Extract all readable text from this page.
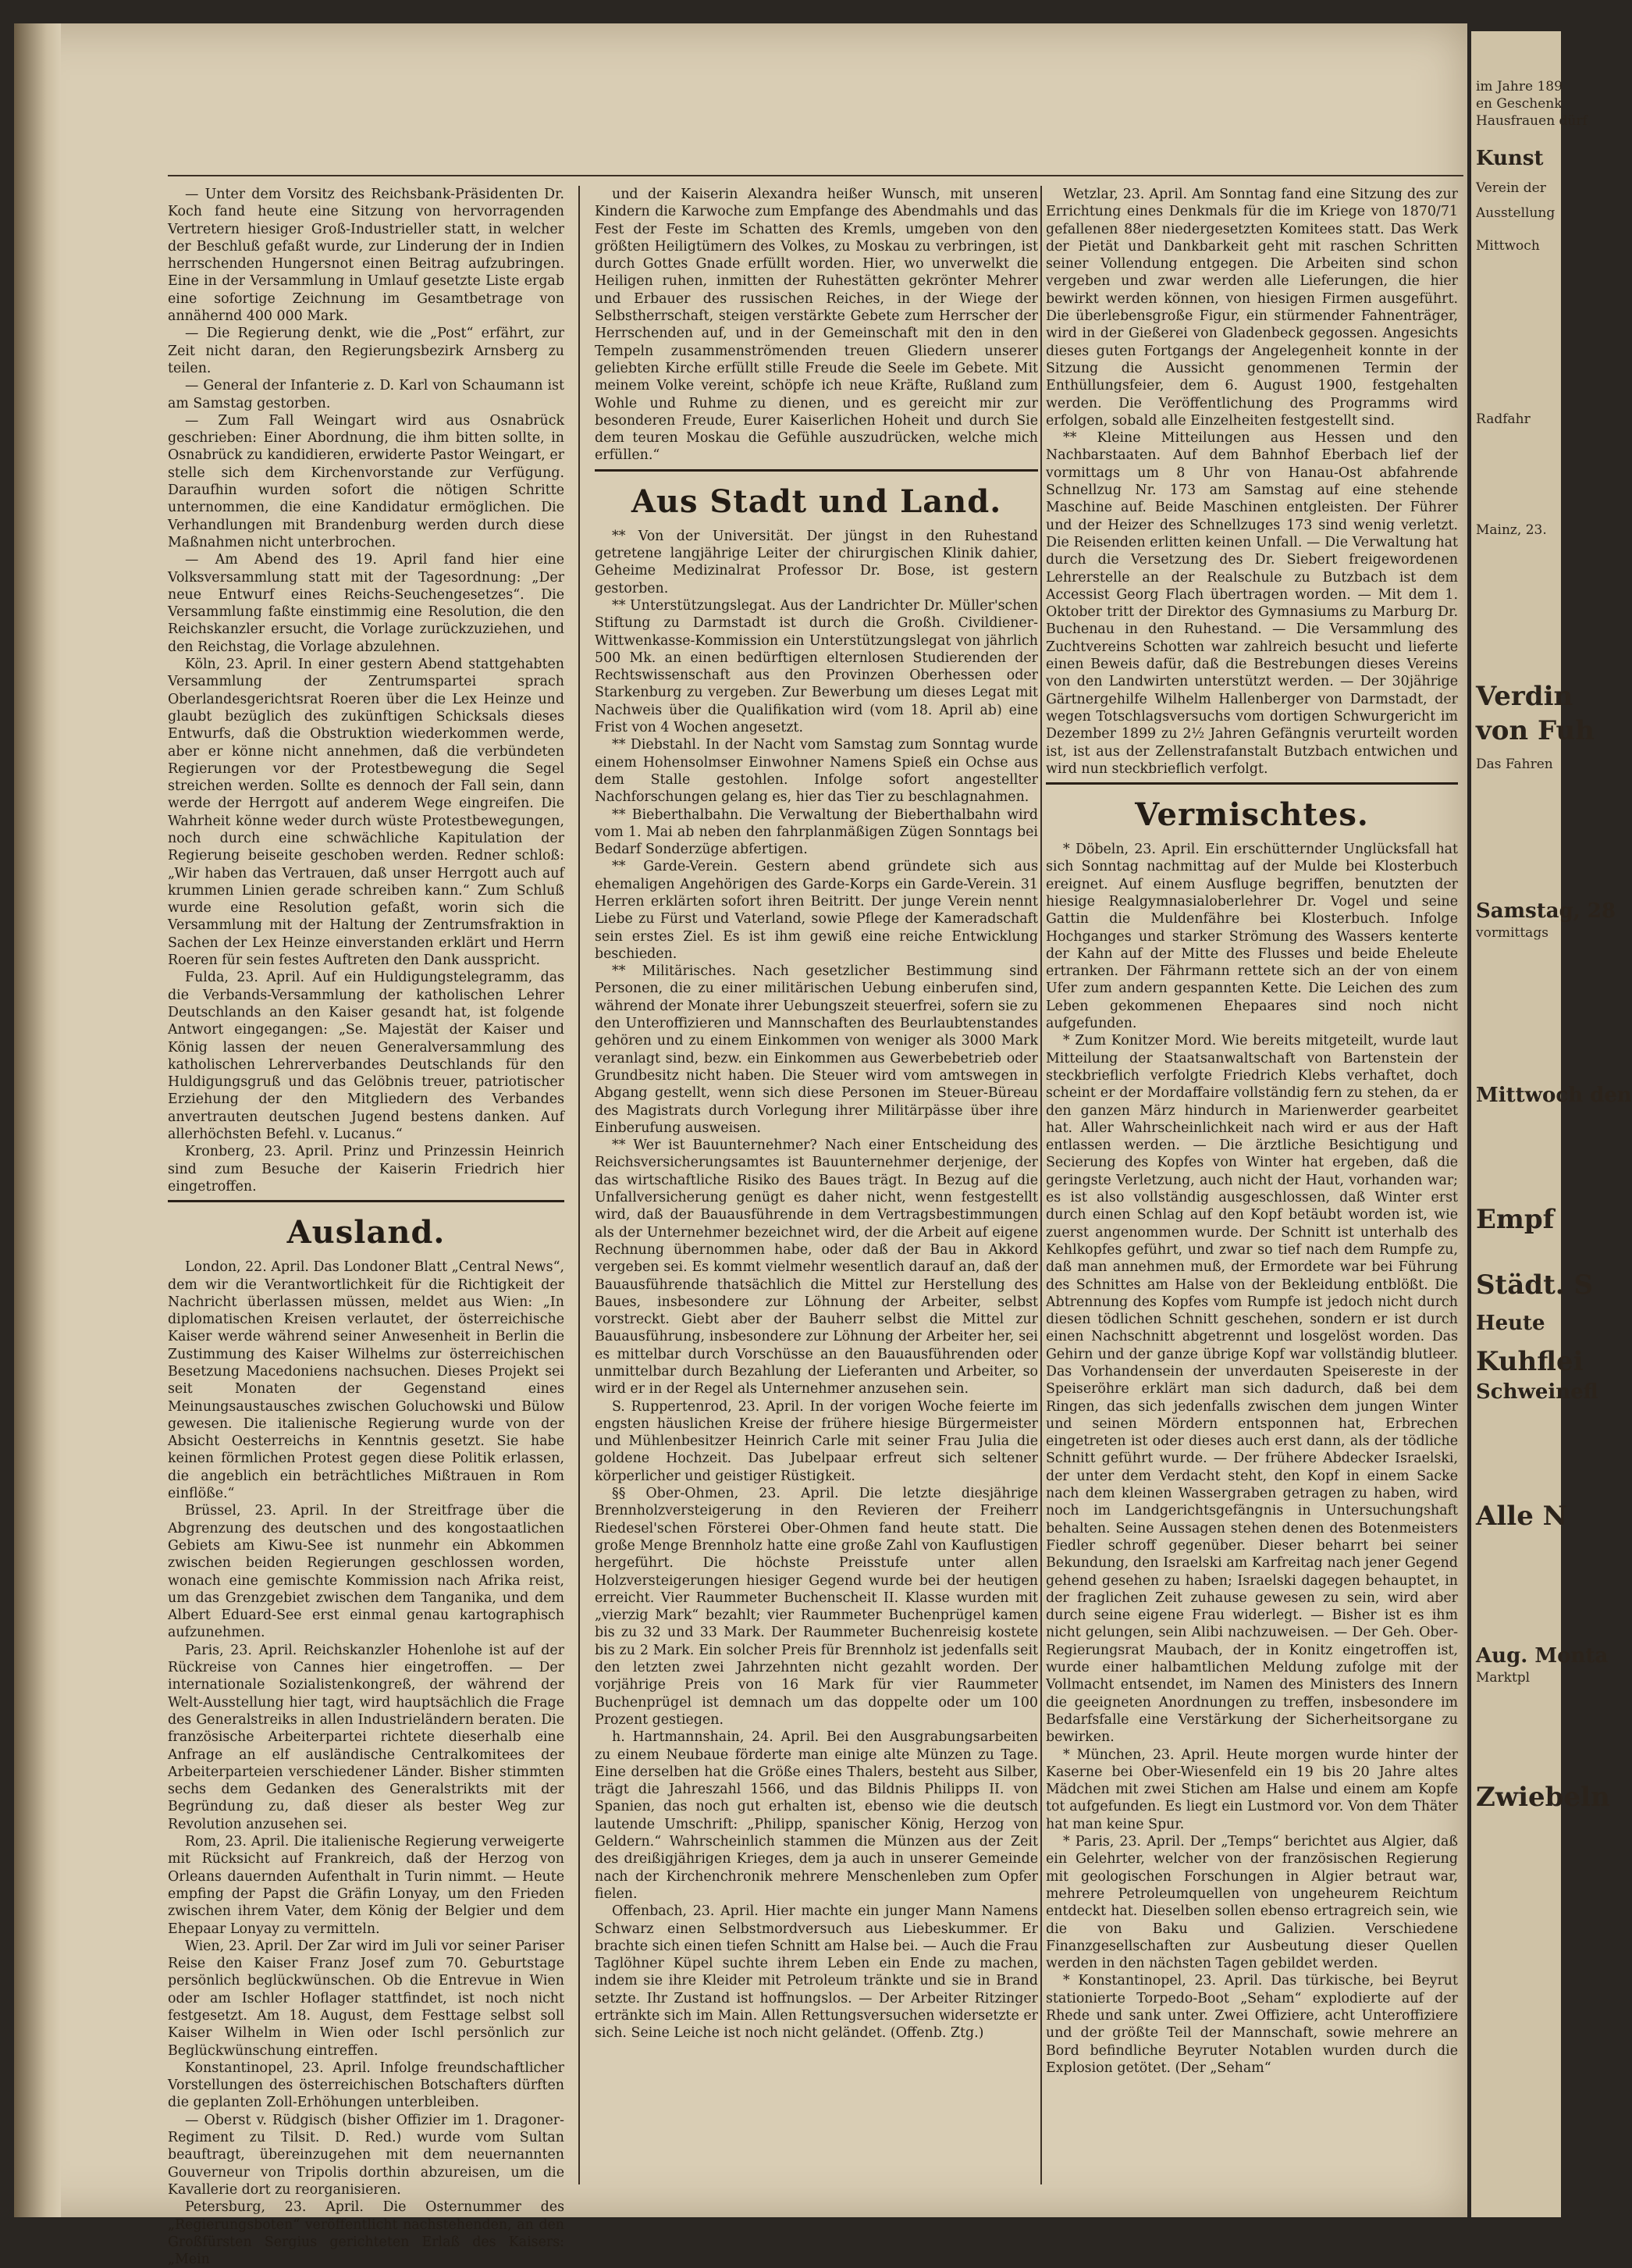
— Unter dem Vorsitz des Reichsbank-Präsidenten Dr. Koch fand heute eine Sitzung von hervorragenden Vertretern hiesiger Groß-Industrieller statt, in welcher der Beschluß gefaßt wurde, zur Linderung der in Indien herrschenden Hungersnot einen Beitrag aufzubringen. Eine in der Versammlung in Umlauf gesetzte Liste ergab eine sofortige Zeichnung im Gesamtbetrage von annähernd 400 000 Mark.

— Die Regierung denkt, wie die „Post“ erfährt, zur Zeit nicht daran, den Regierungsbezirk Arnsberg zu teilen.

— General der Infanterie z. D. Karl von Schaumann ist am Samstag gestorben.

— Zum Fall Weingart wird aus Osnabrück geschrieben: Einer Abordnung, die ihm bitten sollte, in Osnabrück zu kandidieren, erwiderte Pastor Weingart, er stelle sich dem Kirchenvorstande zur Verfügung. Daraufhin wurden sofort die nötigen Schritte unternommen, die eine Kandidatur ermöglichen. Die Verhandlungen mit Brandenburg werden durch diese Maßnahmen nicht unterbrochen.

— Am Abend des 19. April fand hier eine Volksversammlung statt mit der Tagesordnung: „Der neue Entwurf eines Reichs-Seuchengesetzes“. Die Versammlung faßte einstimmig eine Resolution, die den Reichskanzler ersucht, die Vorlage zurückzuziehen, und den Reichstag, die Vorlage abzulehnen.

Köln, 23. April. In einer gestern Abend stattgehabten Versammlung der Zentrumspartei sprach Oberlandesgerichtsrat Roeren über die Lex Heinze und glaubt bezüglich des zukünftigen Schicksals dieses Entwurfs, daß die Obstruktion wiederkommen werde, aber er könne nicht annehmen, daß die verbündeten Regierungen vor der Protestbewegung die Segel streichen werden. Sollte es dennoch der Fall sein, dann werde der Herrgott auf anderem Wege eingreifen. Die Wahrheit könne weder durch wüste Protestbewegungen, noch durch eine schwächliche Kapitulation der Regierung beiseite geschoben werden. Redner schloß: „Wir haben das Vertrauen, daß unser Herrgott auch auf krummen Linien gerade schreiben kann.“ Zum Schluß wurde eine Resolution gefaßt, worin sich die Versammlung mit der Haltung der Zentrumsfraktion in Sachen der Lex Heinze einverstanden erklärt und Herrn Roeren für sein festes Auftreten den Dank ausspricht.

Fulda, 23. April. Auf ein Huldigungstelegramm, das die Verbands-Versammlung der katholischen Lehrer Deutschlands an den Kaiser gesandt hat, ist folgende Antwort eingegangen: „Se. Majestät der Kaiser und König lassen der neuen Generalversammlung des katholischen Lehrerverbandes Deutschlands für den Huldigungsgruß und das Gelöbnis treuer, patriotischer Erziehung der den Mitgliedern des Verbandes anvertrauten deutschen Jugend bestens danken. Auf allerhöchsten Befehl. v. Lucanus.“

Kronberg, 23. April. Prinz und Prinzessin Heinrich sind zum Besuche der Kaiserin Friedrich hier eingetroffen.

Ausland.

London, 22. April. Das Londoner Blatt „Central News“, dem wir die Verantwortlichkeit für die Richtigkeit der Nachricht überlassen müssen, meldet aus Wien: „In diplomatischen Kreisen verlautet, der österreichische Kaiser werde während seiner Anwesenheit in Berlin die Zustimmung des Kaiser Wilhelms zur österreichischen Besetzung Macedoniens nachsuchen. Dieses Projekt sei seit Monaten der Gegenstand eines Meinungsaustausches zwischen Goluchowski und Bülow gewesen. Die italienische Regierung wurde von der Absicht Oesterreichs in Kenntnis gesetzt. Sie habe keinen förmlichen Protest gegen diese Politik erlassen, die angeblich ein beträchtliches Mißtrauen in Rom einflöße.“

Brüssel, 23. April. In der Streitfrage über die Abgrenzung des deutschen und des kongostaatlichen Gebiets am Kiwu-See ist nunmehr ein Abkommen zwischen beiden Regierungen geschlossen worden, wonach eine gemischte Kommission nach Afrika reist, um das Grenzgebiet zwischen dem Tanganika, und dem Albert Eduard-See erst einmal genau kartographisch aufzunehmen.

Paris, 23. April. Reichskanzler Hohenlohe ist auf der Rückreise von Cannes hier eingetroffen. — Der internationale Sozialistenkongreß, der während der Welt-Ausstellung hier tagt, wird hauptsächlich die Frage des Generalstreiks in allen Industrieländern beraten. Die französische Arbeiterpartei richtete dieserhalb eine Anfrage an elf ausländische Centralkomitees der Arbeiterparteien verschiedener Länder. Bisher stimmten sechs dem Gedanken des Generalstrikts mit der Begründung zu, daß dieser als bester Weg zur Revolution anzusehen sei.

Rom, 23. April. Die italienische Regierung verweigerte mit Rücksicht auf Frankreich, daß der Herzog von Orleans dauernden Aufenthalt in Turin nimmt. — Heute empfing der Papst die Gräfin Lonyay, um den Frieden zwischen ihrem Vater, dem König der Belgier und dem Ehepaar Lonyay zu vermitteln.

Wien, 23. April. Der Zar wird im Juli vor seiner Pariser Reise den Kaiser Franz Josef zum 70. Geburtstage persönlich beglückwünschen. Ob die Entrevue in Wien oder am Ischler Hoflager stattfindet, ist noch nicht festgesetzt. Am 18. August, dem Festtage selbst soll Kaiser Wilhelm in Wien oder Ischl persönlich zur Beglückwünschung eintreffen.

Konstantinopel, 23. April. Infolge freundschaftlicher Vorstellungen des österreichischen Botschafters dürften die geplanten Zoll-Erhöhungen unterbleiben.

— Oberst v. Rüdgisch (bisher Offizier im 1. Dragoner-Regiment zu Tilsit. D. Red.) wurde vom Sultan beauftragt, übereinzugehen mit dem neuernannten Gouverneur von Tripolis dorthin abzureisen, um die Kavallerie dort zu reorganisieren.

Petersburg, 23. April. Die Osternummer des „Regierungsboten“ veröffentlicht nachstehenden, an den Großfürsten Sergius gerichteten Erlaß des Kaisers: „Mein

und der Kaiserin Alexandra heißer Wunsch, mit unseren Kindern die Karwoche zum Empfange des Abendmahls und das Fest der Feste im Schatten des Kremls, umgeben von den größten Heiligtümern des Volkes, zu Moskau zu verbringen, ist durch Gottes Gnade erfüllt worden. Hier, wo unverwelkt die Heiligen ruhen, inmitten der Ruhestätten gekrönter Mehrer und Erbauer des russischen Reiches, in der Wiege der Selbstherrschaft, steigen verstärkte Gebete zum Herrscher der Herrschenden auf, und in der Gemeinschaft mit den in den Tempeln zusammenströmenden treuen Gliedern unserer geliebten Kirche erfüllt stille Freude die Seele im Gebete. Mit meinem Volke vereint, schöpfe ich neue Kräfte, Rußland zum Wohle und Ruhme zu dienen, und es gereicht mir zur besonderen Freude, Eurer Kaiserlichen Hoheit und durch Sie dem teuren Moskau die Gefühle auszudrücken, welche mich erfüllen.“

Aus Stadt und Land.

** Von der Universität. Der jüngst in den Ruhestand getretene langjährige Leiter der chirurgischen Klinik dahier, Geheime Medizinalrat Professor Dr. Bose, ist gestern gestorben.

** Unterstützungslegat. Aus der Landrichter Dr. Müller'schen Stiftung zu Darmstadt ist durch die Großh. Civildiener-Wittwenkasse-Kommission ein Unterstützungslegat von jährlich 500 Mk. an einen bedürftigen elternlosen Studierenden der Rechtswissenschaft aus den Provinzen Oberhessen oder Starkenburg zu vergeben. Zur Bewerbung um dieses Legat mit Nachweis über die Qualifikation wird (vom 18. April ab) eine Frist von 4 Wochen angesetzt.

** Diebstahl. In der Nacht vom Samstag zum Sonntag wurde einem Hohensolmser Einwohner Namens Spieß ein Ochse aus dem Stalle gestohlen. Infolge sofort angestellter Nachforschungen gelang es, hier das Tier zu beschlagnahmen.

** Bieberthalbahn. Die Verwaltung der Bieberthalbahn wird vom 1. Mai ab neben den fahrplanmäßigen Zügen Sonntags bei Bedarf Sonderzüge abfertigen.

** Garde-Verein. Gestern abend gründete sich aus ehemaligen Angehörigen des Garde-Korps ein Garde-Verein. 31 Herren erklärten sofort ihren Beitritt. Der junge Verein nennt Liebe zu Fürst und Vaterland, sowie Pflege der Kameradschaft sein erstes Ziel. Es ist ihm gewiß eine reiche Entwicklung beschieden.

** Militärisches. Nach gesetzlicher Bestimmung sind Personen, die zu einer militärischen Uebung einberufen sind, während der Monate ihrer Uebungszeit steuerfrei, sofern sie zu den Unteroffizieren und Mannschaften des Beurlaubtenstandes gehören und zu einem Einkommen von weniger als 3000 Mark veranlagt sind, bezw. ein Einkommen aus Gewerbebetrieb oder Grundbesitz nicht haben. Die Steuer wird vom amtswegen in Abgang gestellt, wenn sich diese Personen im Steuer-Büreau des Magistrats durch Vorlegung ihrer Militärpässe über ihre Einberufung ausweisen.

** Wer ist Bauunternehmer? Nach einer Entscheidung des Reichsversicherungsamtes ist Bauunternehmer derjenige, der das wirtschaftliche Risiko des Baues trägt. In Bezug auf die Unfallversicherung genügt es daher nicht, wenn festgestellt wird, daß der Bauausführende in dem Vertragsbestimmungen als der Unternehmer bezeichnet wird, der die Arbeit auf eigene Rechnung übernommen habe, oder daß der Bau in Akkord vergeben sei. Es kommt vielmehr wesentlich darauf an, daß der Bauausführende thatsächlich die Mittel zur Herstellung des Baues, insbesondere zur Löhnung der Arbeiter, selbst vorstreckt. Giebt aber der Bauherr selbst die Mittel zur Bauausführung, insbesondere zur Löhnung der Arbeiter her, sei es mittelbar durch Vorschüsse an den Bauausführenden oder unmittelbar durch Bezahlung der Lieferanten und Arbeiter, so wird er in der Regel als Unternehmer anzusehen sein.

S. Ruppertenrod, 23. April. In der vorigen Woche feierte im engsten häuslichen Kreise der frühere hiesige Bürgermeister und Mühlenbesitzer Heinrich Carle mit seiner Frau Julia die goldene Hochzeit. Das Jubelpaar erfreut sich seltener körperlicher und geistiger Rüstigkeit.

§§ Ober-Ohmen, 23. April. Die letzte diesjährige Brennholzversteigerung in den Revieren der Freiherr Riedesel'schen Försterei Ober-Ohmen fand heute statt. Die große Menge Brennholz hatte eine große Zahl von Kauflustigen hergeführt. Die höchste Preisstufe unter allen Holzversteigerungen hiesiger Gegend wurde bei der heutigen erreicht. Vier Raummeter Buchenscheit II. Klasse wurden mit „vierzig Mark“ bezahlt; vier Raummeter Buchenprügel kamen bis zu 32 und 33 Mark. Der Raummeter Buchenreisig kostete bis zu 2 Mark. Ein solcher Preis für Brennholz ist jedenfalls seit den letzten zwei Jahrzehnten nicht gezahlt worden. Der vorjährige Preis von 16 Mark für vier Raummeter Buchenprügel ist demnach um das doppelte oder um 100 Prozent gestiegen.

h. Hartmannshain, 24. April. Bei den Ausgrabungsarbeiten zu einem Neubaue förderte man einige alte Münzen zu Tage. Eine derselben hat die Größe eines Thalers, besteht aus Silber, trägt die Jahreszahl 1566, und das Bildnis Philipps II. von Spanien, das noch gut erhalten ist, ebenso wie die deutsch lautende Umschrift: „Philipp, spanischer König, Herzog von Geldern.“ Wahrscheinlich stammen die Münzen aus der Zeit des dreißigjährigen Krieges, dem ja auch in unserer Gemeinde nach der Kirchenchronik mehrere Menschenleben zum Opfer fielen.

Offenbach, 23. April. Hier machte ein junger Mann Namens Schwarz einen Selbstmordversuch aus Liebeskummer. Er brachte sich einen tiefen Schnitt am Halse bei. — Auch die Frau Taglöhner Küpel suchte ihrem Leben ein Ende zu machen, indem sie ihre Kleider mit Petroleum tränkte und sie in Brand setzte. Ihr Zustand ist hoffnungslos. — Der Arbeiter Ritzinger ertränkte sich im Main. Allen Rettungsversuchen widersetzte er sich. Seine Leiche ist noch nicht geländet. (Offenb. Ztg.)

Wetzlar, 23. April. Am Sonntag fand eine Sitzung des zur Errichtung eines Denkmals für die im Kriege von 1870/71 gefallenen 88er niedergesetzten Komitees statt. Das Werk der Pietät und Dankbarkeit geht mit raschen Schritten seiner Vollendung entgegen. Die Arbeiten sind schon vergeben und zwar werden alle Lieferungen, die hier bewirkt werden können, von hiesigen Firmen ausgeführt. Die überlebensgroße Figur, ein stürmender Fahnenträger, wird in der Gießerei von Gladenbeck gegossen. Angesichts dieses guten Fortgangs der Angelegenheit konnte in der Sitzung die Aussicht genommenen Termin der Enthüllungsfeier, dem 6. August 1900, festgehalten werden. Die Veröffentlichung des Programms wird erfolgen, sobald alle Einzelheiten festgestellt sind.

** Kleine Mitteilungen aus Hessen und den Nachbarstaaten. Auf dem Bahnhof Eberbach lief der vormittags um 8 Uhr von Hanau-Ost abfahrende Schnellzug Nr. 173 am Samstag auf eine stehende Maschine auf. Beide Maschinen entgleisten. Der Führer und der Heizer des Schnellzuges 173 sind wenig verletzt. Die Reisenden erlitten keinen Unfall. — Die Verwaltung hat durch die Versetzung des Dr. Siebert freigewordenen Lehrerstelle an der Realschule zu Butzbach ist dem Accessist Georg Flach übertragen worden. — Mit dem 1. Oktober tritt der Direktor des Gymnasiums zu Marburg Dr. Buchenau in den Ruhestand. — Die Versammlung des Zuchtvereins Schotten war zahlreich besucht und lieferte einen Beweis dafür, daß die Bestrebungen dieses Vereins von den Landwirten unterstützt werden. — Der 30jährige Gärtnergehilfe Wilhelm Hallenberger von Darmstadt, der wegen Totschlagsversuchs vom dortigen Schwurgericht im Dezember 1899 zu 2½ Jahren Gefängnis verurteilt worden ist, ist aus der Zellenstrafanstalt Butzbach entwichen und wird nun steckbrieflich verfolgt.

Vermischtes.

* Döbeln, 23. April. Ein erschütternder Unglücksfall hat sich Sonntag nachmittag auf der Mulde bei Klosterbuch ereignet. Auf einem Ausfluge begriffen, benutzten der hiesige Realgymnasialoberlehrer Dr. Vogel und seine Gattin die Muldenfähre bei Klosterbuch. Infolge Hochganges und starker Strömung des Wassers kenterte der Kahn auf der Mitte des Flusses und beide Eheleute ertranken. Der Fährmann rettete sich an der von einem Ufer zum andern gespannten Kette. Die Leichen des zum Leben gekommenen Ehepaares sind noch nicht aufgefunden.

* Zum Konitzer Mord. Wie bereits mitgeteilt, wurde laut Mitteilung der Staatsanwaltschaft von Bartenstein der steckbrieflich verfolgte Friedrich Klebs verhaftet, doch scheint er der Mordaffaire vollständig fern zu stehen, da er den ganzen März hindurch in Marienwerder gearbeitet hat. Aller Wahrscheinlichkeit nach wird er aus der Haft entlassen werden. — Die ärztliche Besichtigung und Secierung des Kopfes von Winter hat ergeben, daß die geringste Verletzung, auch nicht der Haut, vorhanden war; es ist also vollständig ausgeschlossen, daß Winter erst durch einen Schlag auf den Kopf betäubt worden ist, wie zuerst angenommen wurde. Der Schnitt ist unterhalb des Kehlkopfes geführt, und zwar so tief nach dem Rumpfe zu, daß man annehmen muß, der Ermordete war bei Führung des Schnittes am Halse von der Bekleidung entblößt. Die Abtrennung des Kopfes vom Rumpfe ist jedoch nicht durch diesen tödlichen Schnitt geschehen, sondern er ist durch einen Nachschnitt abgetrennt und losgelöst worden. Das Gehirn und der ganze übrige Kopf war vollständig blutleer. Das Vorhandensein der unverdauten Speisereste in der Speiseröhre erklärt man sich dadurch, daß bei dem Ringen, das sich jedenfalls zwischen dem jungen Winter und seinen Mördern entsponnen hat, Erbrechen eingetreten ist oder dieses auch erst dann, als der tödliche Schnitt geführt wurde. — Der frühere Abdecker Israelski, der unter dem Verdacht steht, den Kopf in einem Sacke nach dem kleinen Wassergraben getragen zu haben, wird noch im Landgerichtsgefängnis in Untersuchungshaft behalten. Seine Aussagen stehen denen des Botenmeisters Fiedler schroff gegenüber. Dieser beharrt bei seiner Bekundung, den Israelski am Karfreitag nach jener Gegend gehend gesehen zu haben; Israelski dagegen behauptet, in der fraglichen Zeit zuhause gewesen zu sein, wird aber durch seine eigene Frau widerlegt. — Bisher ist es ihm nicht gelungen, sein Alibi nachzuweisen. — Der Geh. Ober-Regierungsrat Maubach, der in Konitz eingetroffen ist, wurde einer halbamtlichen Meldung zufolge mit der Vollmacht entsendet, im Namen des Ministers des Innern die geeigneten Anordnungen zu treffen, insbesondere im Bedarfsfalle eine Verstärkung der Sicherheitsorgane zu bewirken.

* München, 23. April. Heute morgen wurde hinter der Kaserne bei Ober-Wiesenfeld ein 19 bis 20 Jahre altes Mädchen mit zwei Stichen am Halse und einem am Kopfe tot aufgefunden. Es liegt ein Lustmord vor. Von dem Thäter hat man keine Spur.

* Paris, 23. April. Der „Temps“ berichtet aus Algier, daß ein Gelehrter, welcher von der französischen Regierung mit geologischen Forschungen in Algier betraut war, mehrere Petroleumquellen von ungeheurem Reichtum entdeckt hat. Dieselben sollen ebenso ertragreich sein, wie die von Baku und Galizien. Verschiedene Finanzgesellschaften zur Ausbeutung dieser Quellen werden in den nächsten Tagen gebildet werden.

* Konstantinopel, 23. April. Das türkische, bei Beyrut stationierte Torpedo-Boot „Seham“ explodierte auf der Rhede und sank unter. Zwei Offiziere, acht Unteroffiziere und der größte Teil der Mannschaft, sowie mehrere an Bord befindliche Beyruter Notablen wurden durch die Explosion getötet. (Der „Seham“

im Jahre 189
en Geschenk
Hausfrauen dürf
Kunst
Verein der
Ausstellung
Mittwoch
Radfahr
Mainz, 23.
Verdin
von Fuh
Das Fahren
Samstag, 28
vormittags
Mittwoch den
Empf
Städt. S
Heute
Kuhflei
Schweinefl
Alle N
Aug. Monta
Marktpl
Zwiebeln
